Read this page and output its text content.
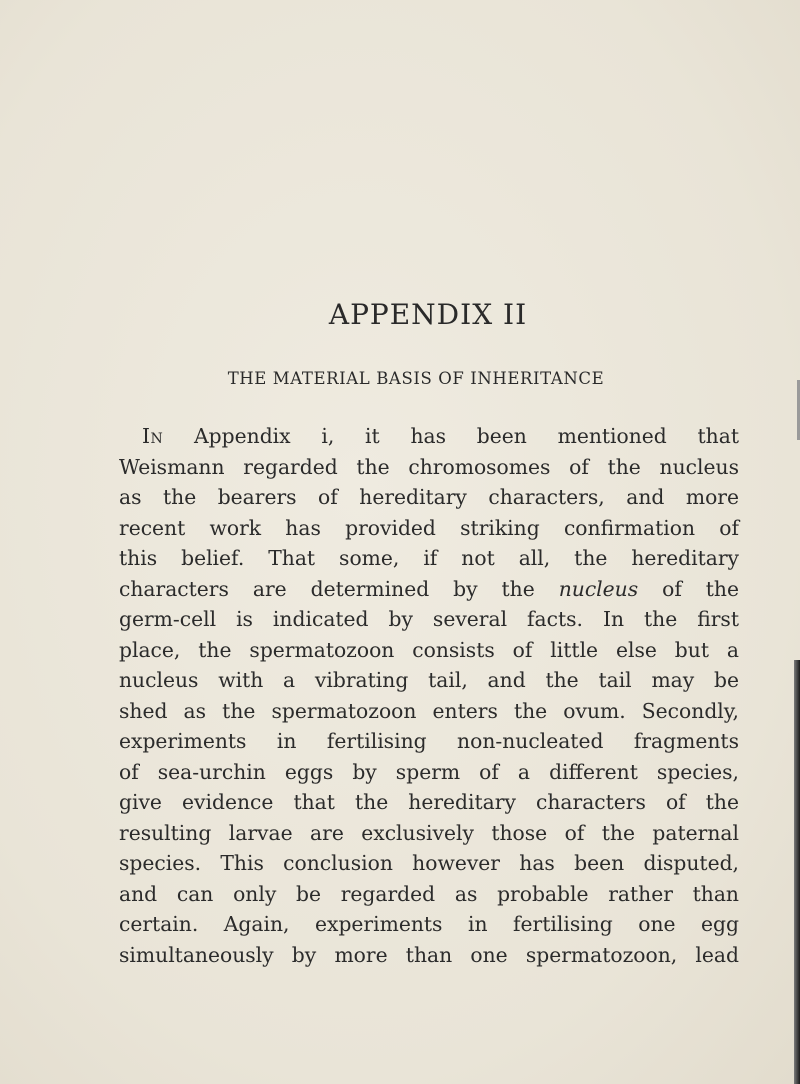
APPENDIX II
THE MATERIAL BASIS OF INHERITANCE
In Appendix i, it has been mentioned that
Weismann regarded the chromosomes of the nucleus
as the bearers of hereditary characters, and more
recent work has provided striking confirmation of
this belief. That some, if not all, the hereditary
characters are determined by the nucleus of the
germ-cell is indicated by several facts. In the first
place, the spermatozoon consists of little else but a
nucleus with a vibrating tail, and the tail may be
shed as the spermatozoon enters the ovum. Secondly,
experiments in fertilising non-nucleated fragments
of sea-urchin eggs by sperm of a different species,
give evidence that the hereditary characters of the
resulting larvae are exclusively those of the paternal
species. This conclusion however has been disputed,
and can only be regarded as probable rather than
certain. Again, experiments in fertilising one egg
simultaneously by more than one spermatozoon, lead
